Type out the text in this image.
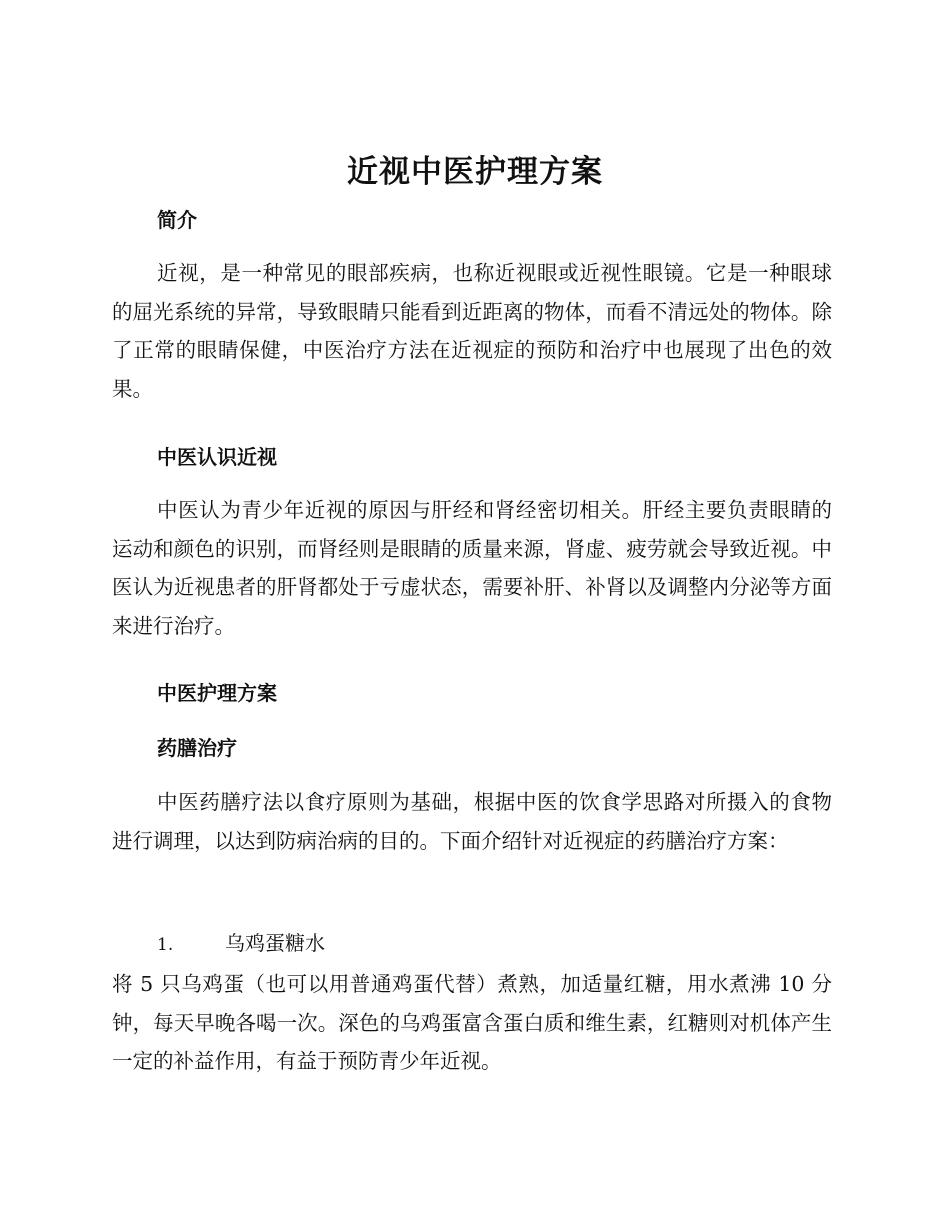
近视中医护理方案
简介

近视，是一种常见的眼部疾病，也称近视眼或近视性眼镜。它是一种眼球的屈光系统的异常，导致眼睛只能看到近距离的物体，而看不清远处的物体。除了正常的眼睛保健，中医治疗方法在近视症的预防和治疗中也展现了出色的效果。

中医认识近视

中医认为青少年近视的原因与肝经和肾经密切相关。肝经主要负责眼睛的运动和颜色的识别，而肾经则是眼睛的质量来源，肾虚、疲劳就会导致近视。中医认为近视患者的肝肾都处于亏虚状态，需要补肝、补肾以及调整内分泌等方面来进行治疗。

中医护理方案
药膳治疗

中医药膳疗法以食疗原则为基础，根据中医的饮食学思路对所摄入的食物进行调理，以达到防病治病的目的。下面介绍针对近视症的药膳治疗方案：

1.	乌鸡蛋糖水

将 5 只乌鸡蛋（也可以用普通鸡蛋代替）煮熟，加适量红糖，用水煮沸 10 分钟，每天早晚各喝一次。深色的乌鸡蛋富含蛋白质和维生素，红糖则对机体产生一定的补益作用，有益于预防青少年近视。
